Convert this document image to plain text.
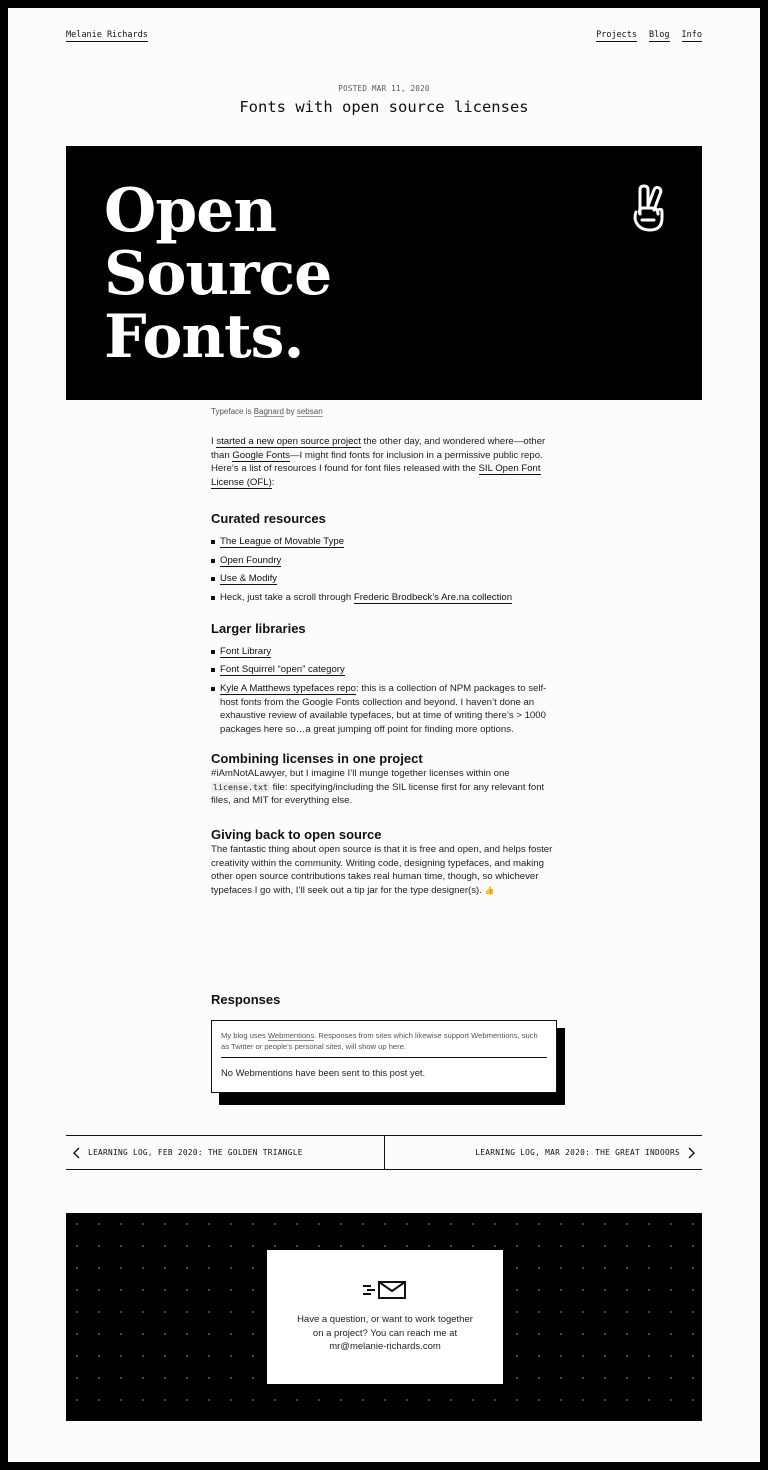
Melanie Richards	Projects Blog Info
POSTED MAR 11, 2020
Fonts with open source licenses
Open
Source
Fonts.
Typeface is Bagnard by sebsan

I started a new open source project the other day, and wondered where—other than Google Fonts—I might find fonts for inclusion in a permissive public repo. Here’s a list of resources I found for font files released with the SIL Open Font License (OFL):

Curated resources
The League of Movable Type
Open Foundry
Use & Modify
Heck, just take a scroll through Frederic Brodbeck’s Are.na collection
Larger libraries
Font Library
Font Squirrel “open” category
Kyle A Matthews typefaces repo: this is a collection of NPM packages to self-host fonts from the Google Fonts collection and beyond. I haven’t done an exhaustive review of available typefaces, but at time of writing there’s > 1000 packages here so…a great jumping off point for finding more options.
Combining licenses in one project

#iAmNotALawyer, but I imagine I’ll munge together licenses within one license.txt file: specifying/including the SIL license first for any relevant font files, and MIT for everything else.

Giving back to open source

The fantastic thing about open source is that it is free and open, and helps foster creativity within the community. Writing code, designing typefaces, and making other open source contributions takes real human time, though, so whichever typefaces I go with, I’ll seek out a tip jar for the type designer(s). 👍

Responses
My blog uses Webmentions. Responses from sites which likewise support Webmentions, such as Twitter or people’s personal sites, will show up here.
No Webmentions have been sent to this post yet.
LEARNING LOG, FEB 2020: THE GOLDEN TRIANGLE	LEARNING LOG, MAR 2020: THE GREAT INDOORS
Have a question, or want to work together on a project? You can reach me at mr@melanie-richards.com
